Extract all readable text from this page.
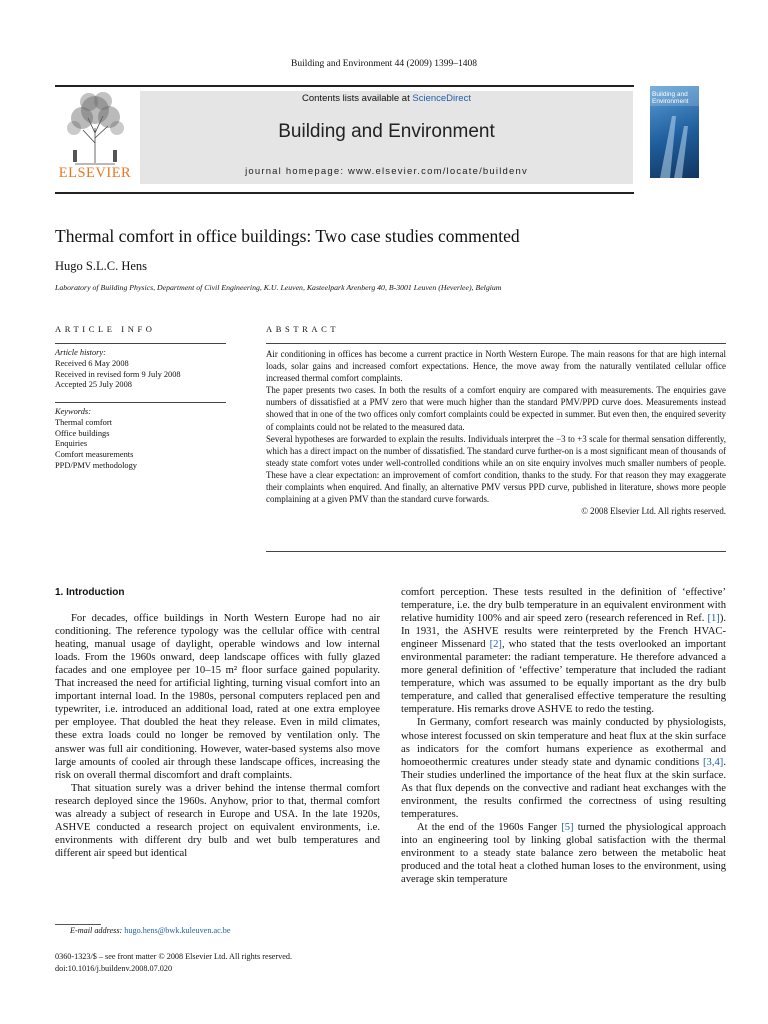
Building and Environment 44 (2009) 1399–1408
ELSEVIER
Contents lists available at ScienceDirect
Building and Environment
journal homepage: www.elsevier.com/locate/buildenv
Building and Environment
Thermal comfort in office buildings: Two case studies commented
Hugo S.L.C. Hens
Laboratory of Building Physics, Department of Civil Engineering, K.U. Leuven, Kasteelpark Arenberg 40, B-3001 Leuven (Heverlee), Belgium
ARTICLE INFO
Article history:
Received 6 May 2008
Received in revised form 9 July 2008
Accepted 25 July 2008
Keywords:
Thermal comfort
Office buildings
Enquiries
Comfort measurements
PPD/PMV methodology
ABSTRACT

Air conditioning in offices has become a current practice in North Western Europe. The main reasons for that are high internal loads, solar gains and increased comfort expectations. Hence, the move away from the naturally ventilated cellular office increased thermal comfort complaints.

The paper presents two cases. In both the results of a comfort enquiry are compared with measurements. The enquiries gave numbers of dissatisfied at a PMV zero that were much higher than the standard PMV/PPD curve does. Measurements instead showed that in one of the two offices only comfort complaints could be expected in summer. But even then, the enquired severity of complaints could not be related to the measured data.

Several hypotheses are forwarded to explain the results. Individuals interpret the −3 to +3 scale for thermal sensation differently, which has a direct impact on the number of dissatisfied. The standard curve further-on is a most significant mean of thousands of steady state comfort votes under well-controlled conditions while an on site enquiry involves much smaller numbers of people. These have a clear expectation: an improvement of comfort condition, thanks to the study. For that reason they may exaggerate their complaints when enquired. And finally, an alternative PMV versus PPD curve, published in literature, shows more people complaining at a given PMV than the standard curve forwards.

© 2008 Elsevier Ltd. All rights reserved.

1. Introduction

For decades, office buildings in North Western Europe had no air conditioning. The reference typology was the cellular office with central heating, manual usage of daylight, operable windows and low internal loads. From the 1960s onward, deep landscape offices with fully glazed facades and one employee per 10–15 m² floor surface gained popularity. That increased the need for artificial lighting, turning visual comfort into an important internal load. In the 1980s, personal computers replaced pen and typewriter, i.e. introduced an additional load, rated at one extra employee per employee. That doubled the heat they release. Even in mild climates, these extra loads could no longer be removed by ventilation only. The answer was full air conditioning. However, water-based systems also move large amounts of cooled air through these landscape offices, increasing the risk on overall thermal discomfort and draft complaints.

That situation surely was a driver behind the intense thermal comfort research deployed since the 1960s. Anyhow, prior to that, thermal comfort was already a subject of research in Europe and USA. In the late 1920s, ASHVE conducted a research project on equivalent environments, i.e. environments with different dry bulb and wet bulb temperatures and different air speed but identical

comfort perception. These tests resulted in the definition of ‘effective’ temperature, i.e. the dry bulb temperature in an equivalent environment with relative humidity 100% and air speed zero (research referenced in Ref. [1]). In 1931, the ASHVE results were reinterpreted by the French HVAC-engineer Missenard [2], who stated that the tests overlooked an important environmental parameter: the radiant temperature. He therefore advanced a more general definition of ‘effective’ temperature that included the radiant temperature, which was assumed to be equally important as the dry bulb temperature, and called that generalised effective temperature the resulting temperature. His remarks drove ASHVE to redo the testing.

In Germany, comfort research was mainly conducted by physiologists, whose interest focussed on skin temperature and heat flux at the skin surface as indicators for the comfort humans experience as exothermal and homoeothermic creatures under steady state and dynamic conditions [3,4]. Their studies underlined the importance of the heat flux at the skin surface. As that flux depends on the convective and radiant heat exchanges with the environment, the results confirmed the correctness of using resulting temperatures.

At the end of the 1960s Fanger [5] turned the physiological approach into an engineering tool by linking global satisfaction with the thermal environment to a steady state balance zero between the metabolic heat produced and the total heat a clothed human loses to the environment, using average skin temperature

E-mail address: hugo.hens@bwk.kuleuven.ac.be
0360-1323/$ – see front matter © 2008 Elsevier Ltd. All rights reserved.
doi:10.1016/j.buildenv.2008.07.020
